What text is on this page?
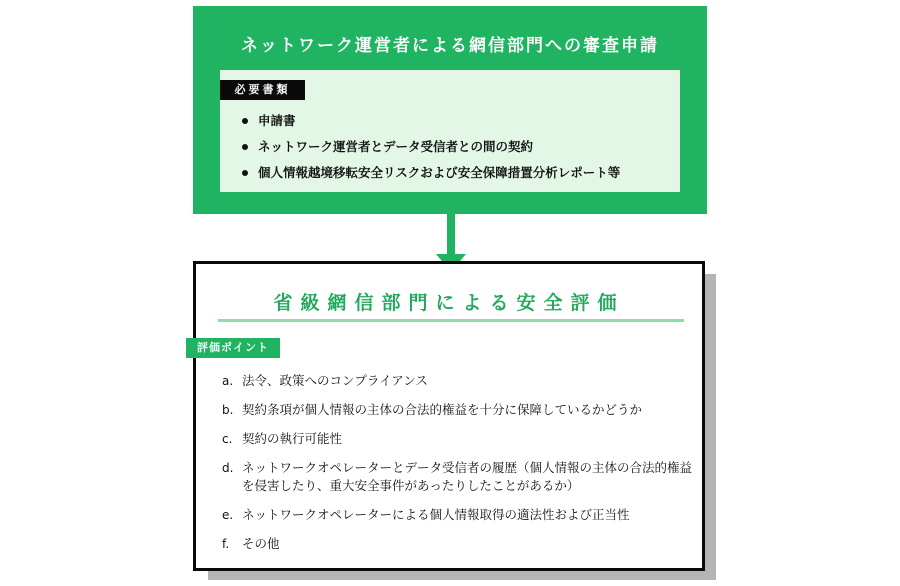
ネットワーク運営者による網信部門への審査申請
必要書類
申請書
ネットワーク運営者とデータ受信者との間の契約
個人情報越境移転安全リスクおよび安全保障措置分析レポート等
省級網信部門による安全評価
評価ポイント
a. 法令、政策へのコンプライアンス
b. 契約条項が個人情報の主体の合法的権益を十分に保障しているかどうか
c. 契約の執行可能性
d. ネットワークオペレーターとデータ受信者の履歴（個人情報の主体の合法的権益を侵害したり、重大安全事件があったりしたことがあるか）
e. ネットワークオペレーターによる個人情報取得の適法性および正当性
f. その他
